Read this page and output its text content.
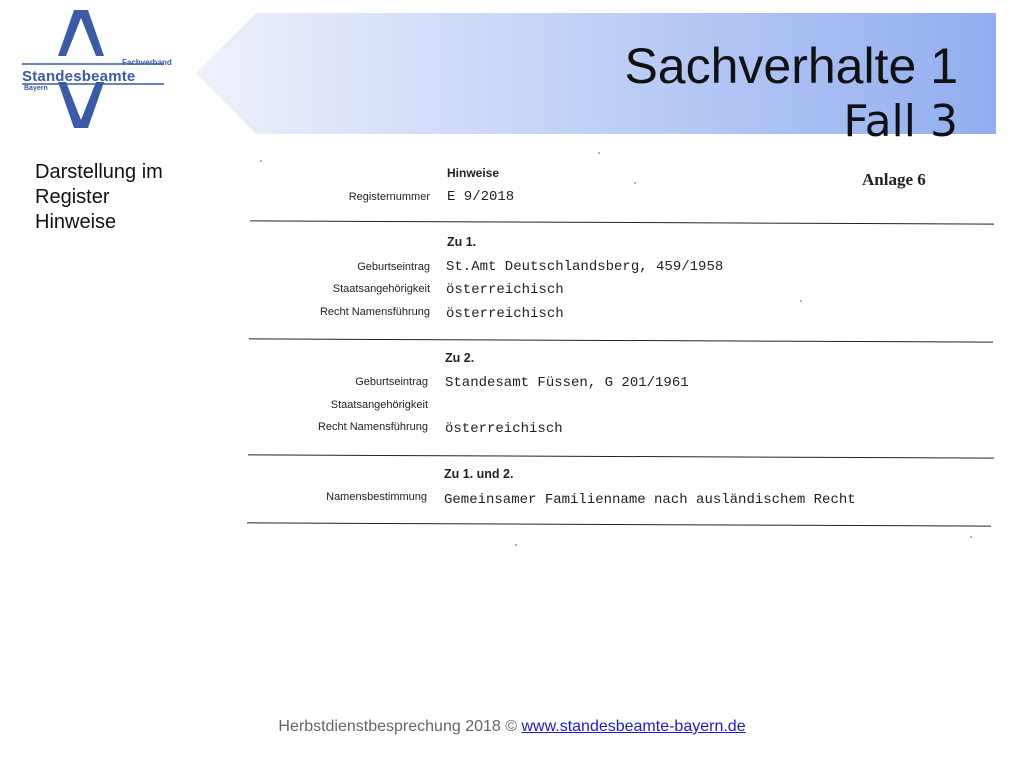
Fachverband
Standesbeamte
Bayern	Sachverhalte 1
Fall 3
Darstellung im
Register
Hinweise
Hinweise	Anlage 6
Registernummer E 9/2018
Zu 1.
Geburtseintrag St.Amt Deutschlandsberg, 459/1958
Staatsangehörigkeit österreichisch
Recht Namensführung österreichisch
Zu 2.
Geburtseintrag Standesamt Füssen, G 201/1961
Staatsangehörigkeit
Recht Namensführung österreichisch
Zu 1. und 2.
Namensbestimmung Gemeinsamer Familienname nach ausländischem Recht
Herbstdienstbesprechung 2018 © www.standesbeamte-bayern.de
